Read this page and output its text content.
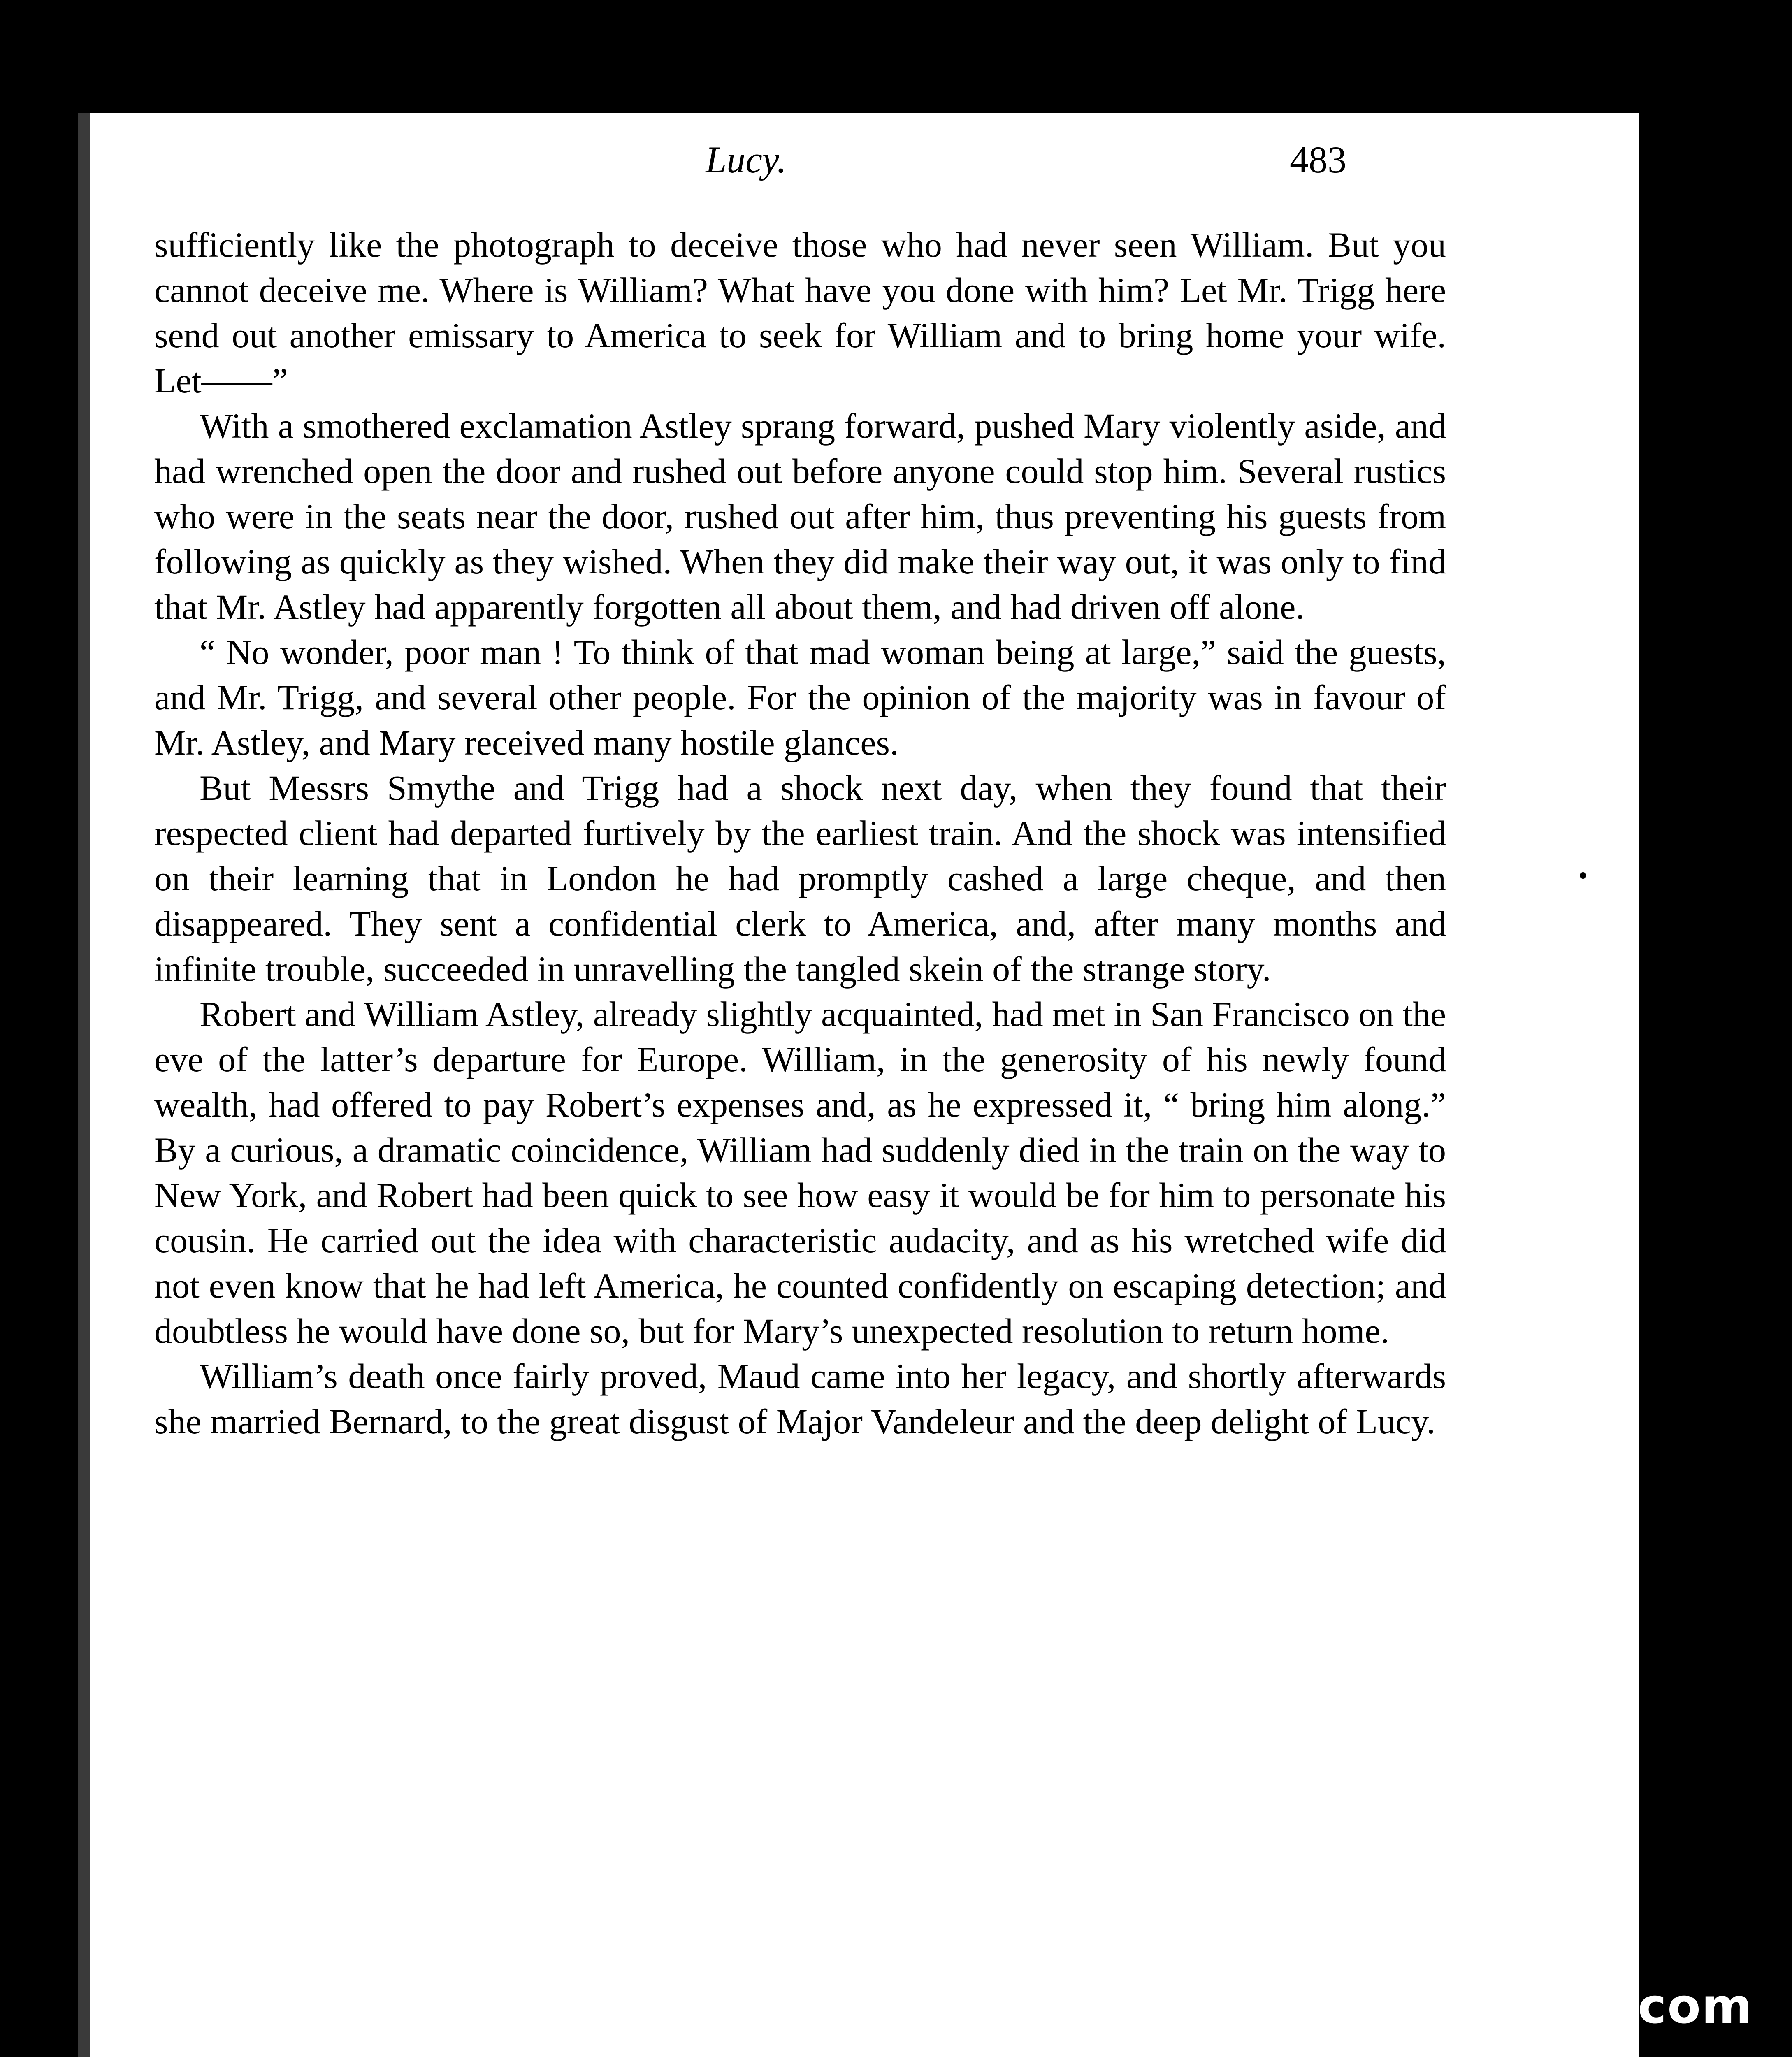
Lucy.	483

sufficiently like the photograph to deceive those who had never seen William. But you cannot deceive me. Where is William? What have you done with him? Let Mr. Trigg here send out another emissary to America to seek for William and to bring home your wife. Let——”

With a smothered exclamation Astley sprang forward, pushed Mary violently aside, and had wrenched open the door and rushed out before anyone could stop him. Several rustics who were in the seats near the door, rushed out after him, thus preventing his guests from following as quickly as they wished. When they did make their way out, it was only to find that Mr. Astley had apparently forgotten all about them, and had driven off alone.

“ No wonder, poor man ! To think of that mad woman being at large,” said the guests, and Mr. Trigg, and several other people. For the opinion of the majority was in favour of Mr. Astley, and Mary received many hostile glances.

But Messrs Smythe and Trigg had a shock next day, when they found that their respected client had departed furtively by the earliest train. And the shock was intensified on their learning that in London he had promptly cashed a large cheque, and then disappeared. They sent a confidential clerk to America, and, after many months and infinite trouble, succeeded in unravelling the tangled skein of the strange story.

Robert and William Astley, already slightly acquainted, had met in San Francisco on the eve of the latter’s departure for Europe. William, in the generosity of his newly found wealth, had offered to pay Robert’s expenses and, as he expressed it, “ bring him along.” By a curious, a dramatic coincidence, William had suddenly died in the train on the way to New York, and Robert had been quick to see how easy it would be for him to personate his cousin. He carried out the idea with characteristic audacity, and as his wretched wife did not even know that he had left America, he counted confidently on escaping detection; and doubtless he would have done so, but for Mary’s unexpected resolution to return home.

William’s death once fairly proved, Maud came into her legacy, and shortly afterwards she married Bernard, to the great disgust of Major Vandeleur and the deep delight of Lucy.

comicbooks.com
